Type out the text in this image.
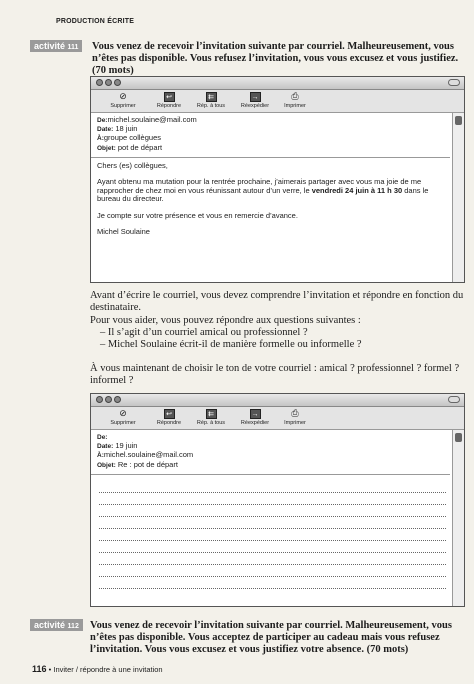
PRODUCTION ÉCRITE
activité 111	Vous venez de recevoir l’invitation suivante par courriel. Malheureusement, vous n’êtes pas disponible. Vous refusez l’invitation, vous vous excusez et vous justifiez. (70 mots)
⊘
Supprimer
↩
Répondre
⇇
Rép. à tous
→
Réexpédier
⎙
Imprimer
De:michel.soulaine@mail.com
Date: 18 juin
À:groupe collègues
Objet: pot de départ

Chers (es) collègues,

Ayant obtenu ma mutation pour la rentrée prochaine, j’aimerais partager avec vous ma joie de me rapprocher de chez moi en vous réunissant autour d’un verre, le vendredi 24 juin à 11 h 30 dans le bureau du directeur.

Je compte sur votre présence et vous en remercie d’avance.

Michel Soulaine

Avant d’écrire le courriel, vous devez comprendre l’invitation et répondre en fonction du destinataire.
Pour vous aider, vous pouvez répondre aux questions suivantes :
– Il s’agit d’un courriel amical ou professionnel ?
– Michel Soulaine écrit-il de manière formelle ou informelle ?
À vous maintenant de choisir le ton de votre courriel : amical ? professionnel ? formel ? informel ?
⊘
Supprimer
↩
Répondre
⇇
Rép. à tous
→
Réexpédier
⎙
Imprimer
De:
Date: 19 juin
À:michel.soulaine@mail.com
Objet: Re : pot de départ
activité 112	Vous venez de recevoir l’invitation suivante par courriel. Malheureusement, vous n’êtes pas disponible. Vous acceptez de participer au cadeau mais vous refusez l’invitation. Vous vous excusez et vous justifiez votre absence. (70 mots)
116 • Inviter / répondre à une invitation
